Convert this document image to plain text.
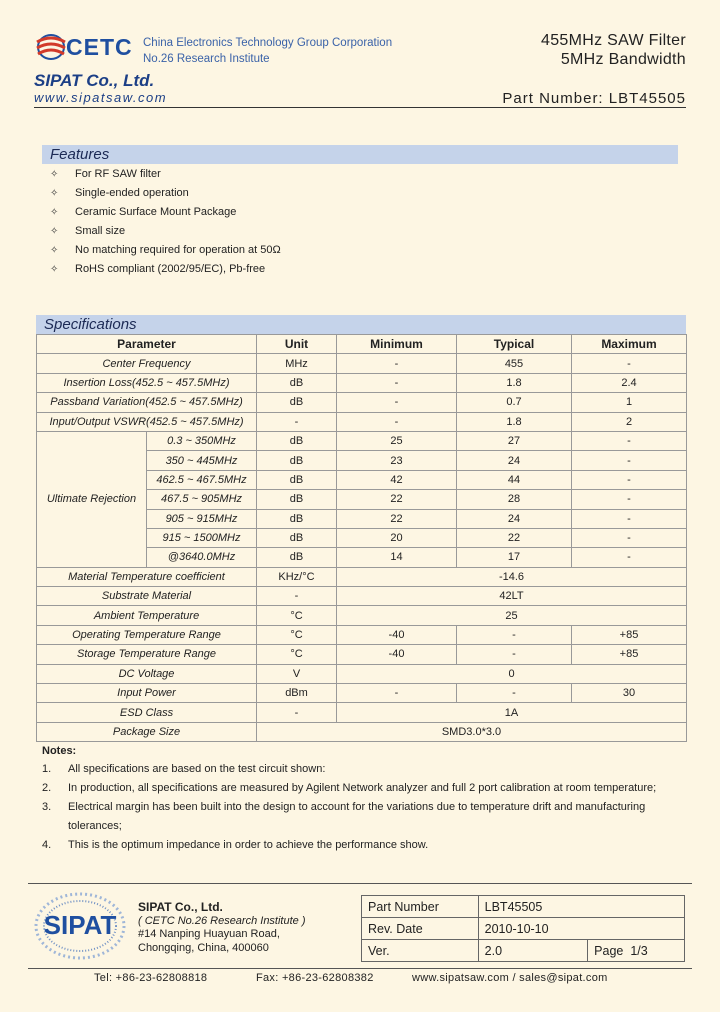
CETC China Electronics Technology Group Corporation
No.26 Research Institute
455MHz SAW Filter
5MHz Bandwidth
SIPAT Co., Ltd.
www.sipatsaw.com	Part Number: LBT45505
Features
✧	For RF SAW filter
✧	Single-ended operation
✧	Ceramic Surface Mount Package
✧	Small size
✧	No matching required for operation at 50Ω
✧	RoHS compliant (2002/95/EC), Pb-free
Specifications
Parameter		Unit	Minimum	Typical	Maximum
Center Frequency		MHz	-	455	-
Insertion Loss(452.5 ~ 457.5MHz)		dB	-	1.8	2.4
Passband Variation(452.5 ~ 457.5MHz)		dB	-	0.7	1
Input/Output VSWR(452.5 ~ 457.5MHz)		-	-	1.8	2
Ultimate Rejection	0.3 ~ 350MHz	dB	25	27	-
	350 ~ 445MHz	dB	23	24	-
	462.5 ~ 467.5MHz	dB	42	44	-
	467.5 ~ 905MHz	dB	22	28	-
	905 ~ 915MHz	dB	22	24	-
	915 ~ 1500MHz	dB	20	22	-
	@3640.0MHz	dB	14	17	-
Material Temperature coefficient		KHz/°C	-14.6		
Substrate Material		-	42LT		
Ambient Temperature		°C	25		
Operating Temperature Range		°C	-40	-	+85
Storage Temperature Range		°C	-40	-	+85
DC Voltage		V	0		
Input Power		dBm	-	-	30
ESD Class		-	1A		
Package Size		SMD3.0*3.0			
Notes:
1.	All specifications are based on the test circuit shown:
2.	In production, all specifications are measured by Agilent Network analyzer and full 2 port calibration at room temperature;
3.	Electrical margin has been built into the design to account for the variations due to temperature drift and manufacturing tolerances;
4.	This is the optimum impedance in order to achieve the performance show.
SIPAT
SIPAT Co., Ltd.
( CETC No.26 Research Institute )
#14 Nanping Huayuan Road,
Chongqing, China, 400060
Part Number	LBT45505	
Rev. Date	2010-10-10	
Ver.	2.0	Page 1/3
Tel: +86-23-62808818	Fax: +86-23-62808382	www.sipatsaw.com / sales@sipat.com
